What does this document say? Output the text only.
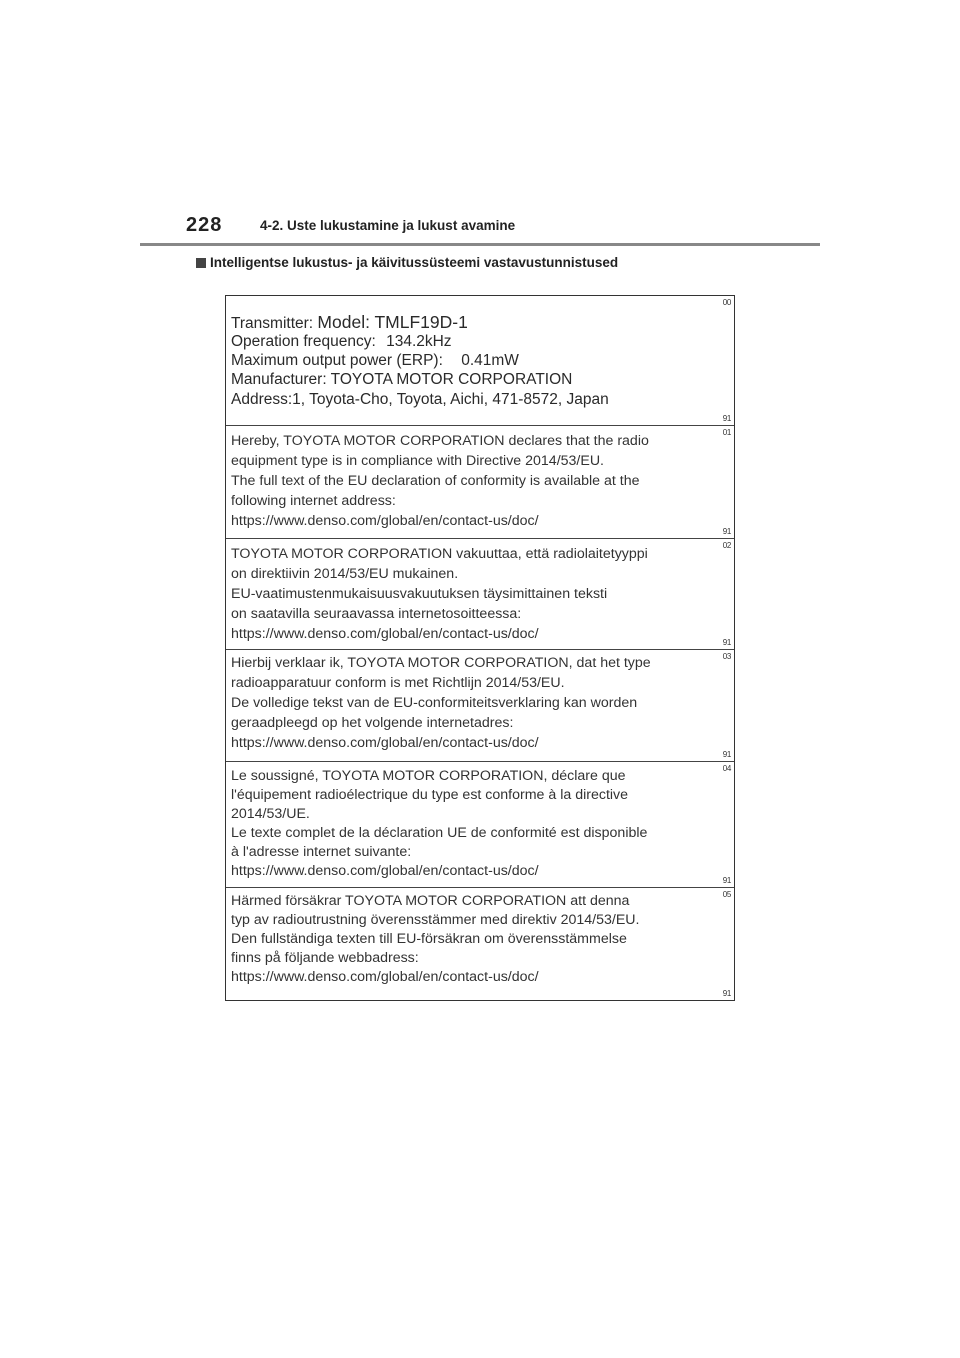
228	4-2. Uste lukustamine ja lukust avamine
Intelligentse lukustus- ja käivitussüsteemi vastavustunnistused
00
Transmitter: Model: TMLF19D-1
Operation frequency: 134.2kHz
Maximum output power (ERP): 0.41mW
Manufacturer: TOYOTA MOTOR CORPORATION
Address:1, Toyota-Cho, Toyota, Aichi, 471-8572, Japan
91
01
Hereby, TOYOTA MOTOR CORPORATION declares that the radio
equipment type is in compliance with Directive 2014/53/EU.
The full text of the EU declaration of conformity is available at the
following internet address:
https://www.denso.com/global/en/contact-us/doc/
91
02
TOYOTA MOTOR CORPORATION vakuuttaa, että radiolaitetyyppi
on direktiivin 2014/53/EU mukainen.
EU-vaatimustenmukaisuusvakuutuksen täysimittainen teksti
on saatavilla seuraavassa internetosoitteessa:
https://www.denso.com/global/en/contact-us/doc/
91
03
Hierbij verklaar ik, TOYOTA MOTOR CORPORATION, dat het type
radioapparatuur conform is met Richtlijn 2014/53/EU.
De volledige tekst van de EU-conformiteitsverklaring kan worden
geraadpleegd op het volgende internetadres:
https://www.denso.com/global/en/contact-us/doc/
91
04
Le soussigné, TOYOTA MOTOR CORPORATION, déclare que
l'équipement radioélectrique du type est conforme à la directive
2014/53/UE.
Le texte complet de la déclaration UE de conformité est disponible
à l'adresse internet suivante:
https://www.denso.com/global/en/contact-us/doc/
91
05
Härmed försäkrar TOYOTA MOTOR CORPORATION att denna
typ av radioutrustning överensstämmer med direktiv 2014/53/EU.
Den fullständiga texten till EU-försäkran om överensstämmelse
finns på följande webbadress:
https://www.denso.com/global/en/contact-us/doc/
91
